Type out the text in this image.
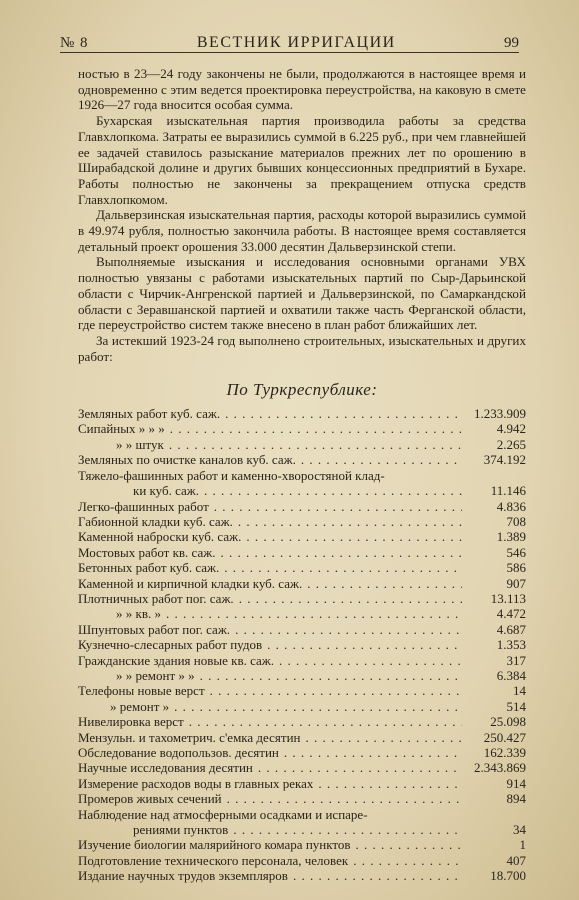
№ 8	ВЕСТНИК ИРРИГАЦИИ	99

ностью в 23—24 году закончены не были, продолжаются в настоящее время и одновременно с этим ведется проектировка переустройства, на каковую в смете 1926—27 года вносится особая сумма.

Бухарская изыскательная партия производила работы за средства Главхлопкома. Затраты ее выразились суммой в 6.225 руб., при чем главнейшей ее задачей ставилось разыскание материалов прежних лет по орошению в Ширабадской долине и других бывших концессионных предприятий в Бухаре. Работы полностью не закончены за прекращением отпуска средств Главхлопкомом.

Дальверзинская изыскательная партия, расходы которой выразились суммой в 49.974 рубля, полностью закончила работы. В настоящее время составляется детальный проект орошения 33.000 десятин Дальверзинской степи.

Выполняемые изыскания и исследования основными органами УВХ полностью увязаны с работами изыскательных партий по Сыр-Дарьинской области с Чирчик-Ангренской партией и Дальверзинской, по Самаркандской области с Зеравшанской партией и охватили также часть Ферганской области, где переустройство систем также внесено в план работ ближайших лет.

За истекший 1923-24 год выполнено строительных, изыскательных и других работ:

По Туркреспублике:
Земляных работ куб. саж. . . .	1.233.909
Сипайных » » » . . .	4.942
» » штук . . .	2.265
Земляных по очистке каналов куб. саж. . . .	374.192
Тяжело-фашинных работ и каменно-хворостяной клад-
ки куб. саж. . . .	11.146
Легко-фашинных работ . . .	4.836
Габионной кладки куб. саж. . . .	708
Каменной наброски куб. саж. . . .	1.389
Мостовых работ кв. саж. . . .	546
Бетонных работ куб. саж. . . .	586
Каменной и кирпичной кладки куб. саж. . . .	907
Плотничных работ пог. саж. . . .	13.113
» » кв. » . . .	4.472
Шпунтовых работ пог. саж. . . .	4.687
Кузнечно-слесарных работ пудов . . .	1.353
Гражданские здания новые кв. саж. . . .	317
» » ремонт » » . . .	6.384
Телефоны новые верст . . .	14
» ремонт » . . .	514
Нивелировка верст . . .	25.098
Мензульн. и тахометрич. с'емка десятин . . .	250.427
Обследование водопользов. десятин . . .	162.339
Научные исследования десятин . . .	2.343.869
Измерение расходов воды в главных реках . . .	914
Промеров живых сечений . . .	894
Наблюдение над атмосферными осадками и испаре-
рениями пунктов . . .	34
Изучение биологии малярийного комара пунктов . . .	1
Подготовление технического персонала, человек . . .	407
Издание научных трудов экземпляров . . .	18.700
